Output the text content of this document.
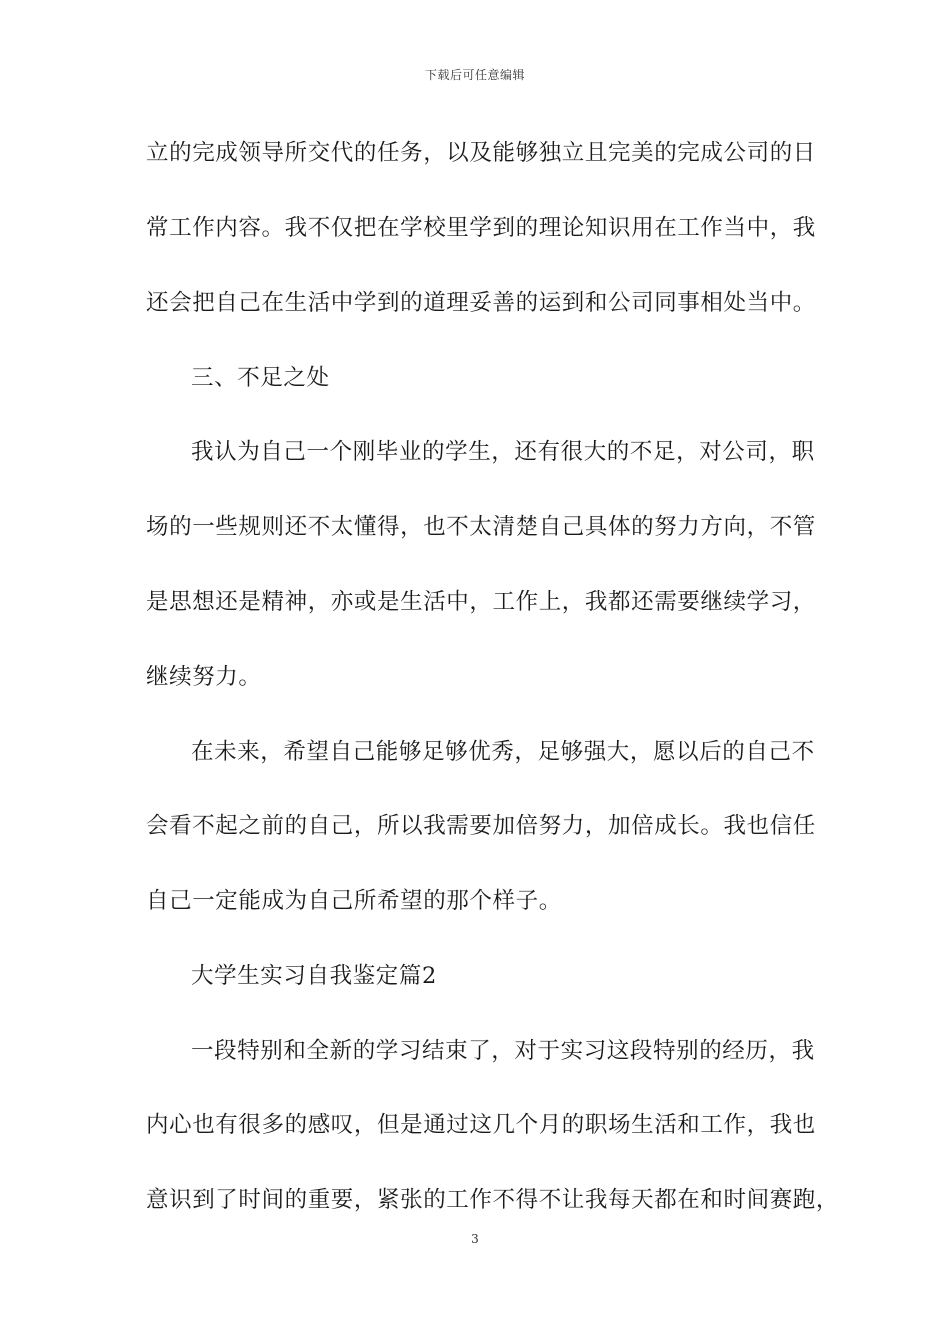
下载后可任意编辑
立的完成领导所交代的任务，以及能够独立且完美的完成公司的日
常工作内容。我不仅把在学校里学到的理论知识用在工作当中，我
还会把自己在生活中学到的道理妥善的运到和公司同事相处当中。
三、不足之处
我认为自己一个刚毕业的学生，还有很大的不足，对公司，职
场的一些规则还不太懂得，也不太清楚自己具体的努力方向，不管
是思想还是精神，亦或是生活中，工作上，我都还需要继续学习，
继续努力。
在未来，希望自己能够足够优秀，足够强大，愿以后的自己不
会看不起之前的自己，所以我需要加倍努力，加倍成长。我也信任
自己一定能成为自己所希望的那个样子。
大学生实习自我鉴定篇2
一段特别和全新的学习结束了，对于实习这段特别的经历，我
内心也有很多的感叹，但是通过这几个月的职场生活和工作，我也
意识到了时间的重要，紧张的工作不得不让我每天都在和时间赛跑，
3
